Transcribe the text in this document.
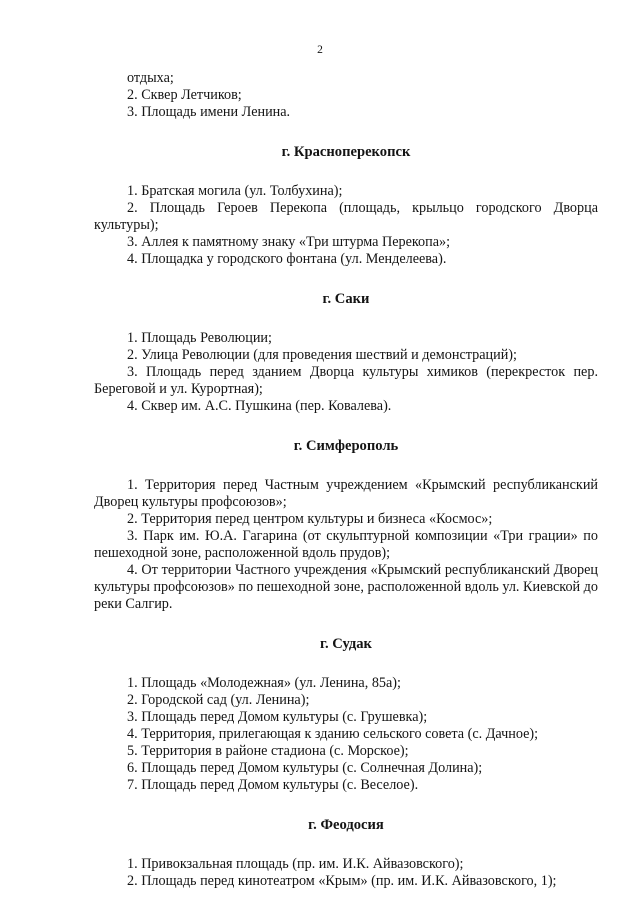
2
отдыха;
2. Сквер Летчиков;
3. Площадь имени Ленина.
г. Красноперекопск
1. Братская могила (ул. Толбухина);
2. Площадь Героев Перекопа (площадь, крыльцо городского Дворца культуры);
3. Аллея к памятному знаку «Три штурма Перекопа»;
4. Площадка у городского фонтана (ул. Менделеева).
г. Саки
1. Площадь Революции;
2. Улица Революции (для проведения шествий и демонстраций);
3. Площадь перед зданием Дворца культуры химиков (перекресток пер. Береговой и ул. Курортная);
4. Сквер им. А.С. Пушкина (пер. Ковалева).
г. Симферополь
1. Территория перед Частным учреждением «Крымский республиканский Дворец культуры профсоюзов»;
2. Территория перед центром культуры и бизнеса «Космос»;
3. Парк им. Ю.А. Гагарина (от скульптурной композиции «Три грации» по пешеходной зоне, расположенной вдоль прудов);
4. От территории Частного учреждения «Крымский республиканский Дворец культуры профсоюзов» по пешеходной зоне, расположенной вдоль ул. Киевской до реки Салгир.
г. Судак
1. Площадь «Молодежная» (ул. Ленина, 85а);
2. Городской сад (ул. Ленина);
3. Площадь перед Домом культуры (с. Грушевка);
4. Территория, прилегающая к зданию сельского совета (с. Дачное);
5. Территория в районе стадиона (с. Морское);
6. Площадь перед Домом культуры (с. Солнечная Долина);
7. Площадь перед Домом культуры (с. Веселое).
г. Феодосия
1. Привокзальная площадь (пр. им. И.К. Айвазовского);
2. Площадь перед кинотеатром «Крым» (пр. им. И.К. Айвазовского, 1);
